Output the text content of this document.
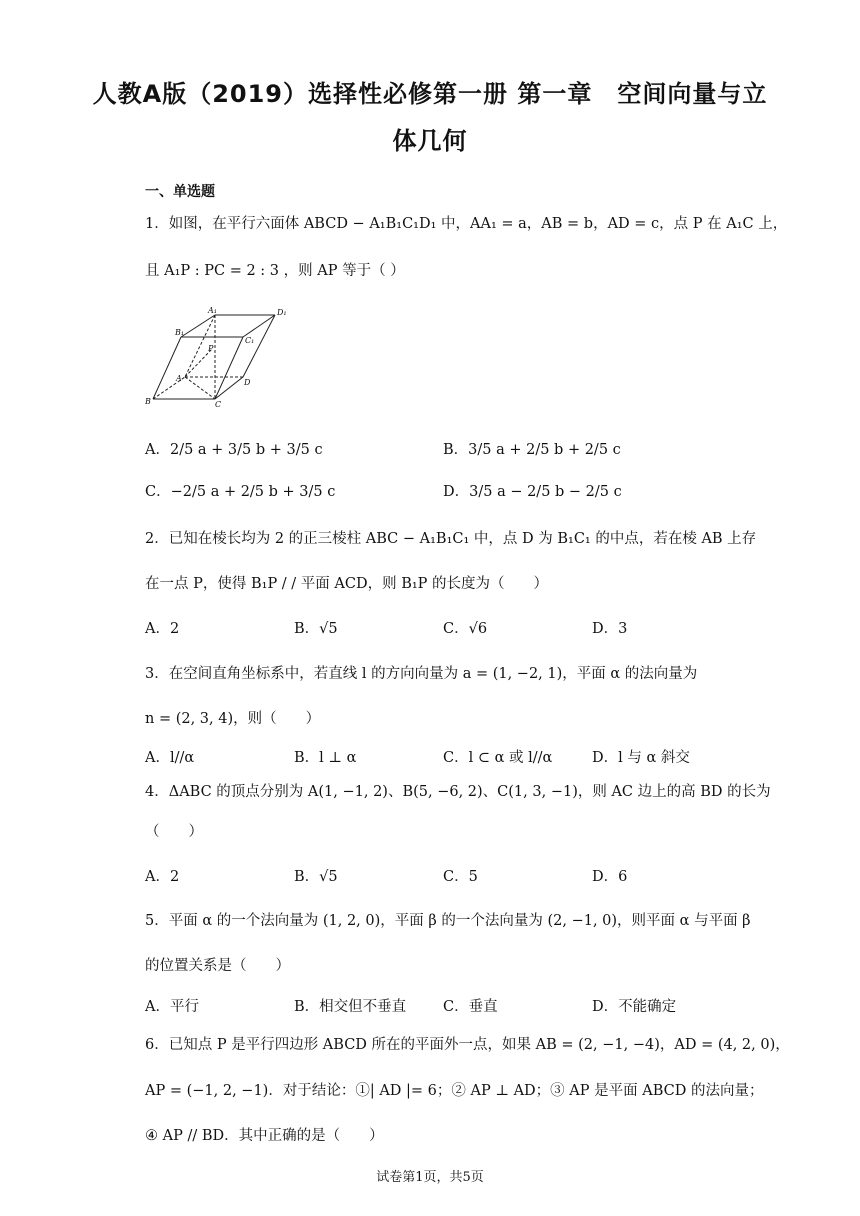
人教A版（2019）选择性必修第一册 第一章　空间向量与立
体几何
一、单选题
1．如图，在平行六面体 ABCD − A₁B₁C₁D₁ 中，AA₁ = a，AB = b，AD = c，点 P 在 A₁C 上，
且 A₁P : PC = 2 : 3 ，则 AP 等于（ ）
A₁	D₁
B₁
C₁
P
A	D
B	C
A．2/5 a + 3/5 b + 3/5 c	B．3/5 a + 2/5 b + 2/5 c
C．−2/5 a + 2/5 b + 3/5 c	D．3/5 a − 2/5 b − 2/5 c
2．已知在棱长均为 2 的正三棱柱 ABC − A₁B₁C₁ 中，点 D 为 B₁C₁ 的中点，若在棱 AB 上存
在一点 P，使得 B₁P / / 平面 ACD，则 B₁P 的长度为（　　）
A．2	B．√5	C．√6	D．3
3．在空间直角坐标系中，若直线 l 的方向向量为 a = (1, −2, 1)，平面 α 的法向量为
n = (2, 3, 4)，则（　　）
A．l//α	B．l ⊥ α	C．l ⊂ α 或 l//α	D．l 与 α 斜交
4．ΔABC 的顶点分别为 A(1, −1, 2)、B(5, −6, 2)、C(1, 3, −1)，则 AC 边上的高 BD 的长为
（　　）
A．2	B．√5	C．5	D．6
5．平面 α 的一个法向量为 (1, 2, 0)，平面 β 的一个法向量为 (2, −1, 0)，则平面 α 与平面 β
的位置关系是（　　）
A．平行	B．相交但不垂直	C．垂直	D．不能确定
6．已知点 P 是平行四边形 ABCD 所在的平面外一点，如果 AB = (2, −1, −4)，AD = (4, 2, 0)，
AP = (−1, 2, −1)．对于结论：①| AD |= 6；② AP ⊥ AD；③ AP 是平面 ABCD 的法向量；
④ AP // BD．其中正确的是（　　）
试卷第1页，共5页
